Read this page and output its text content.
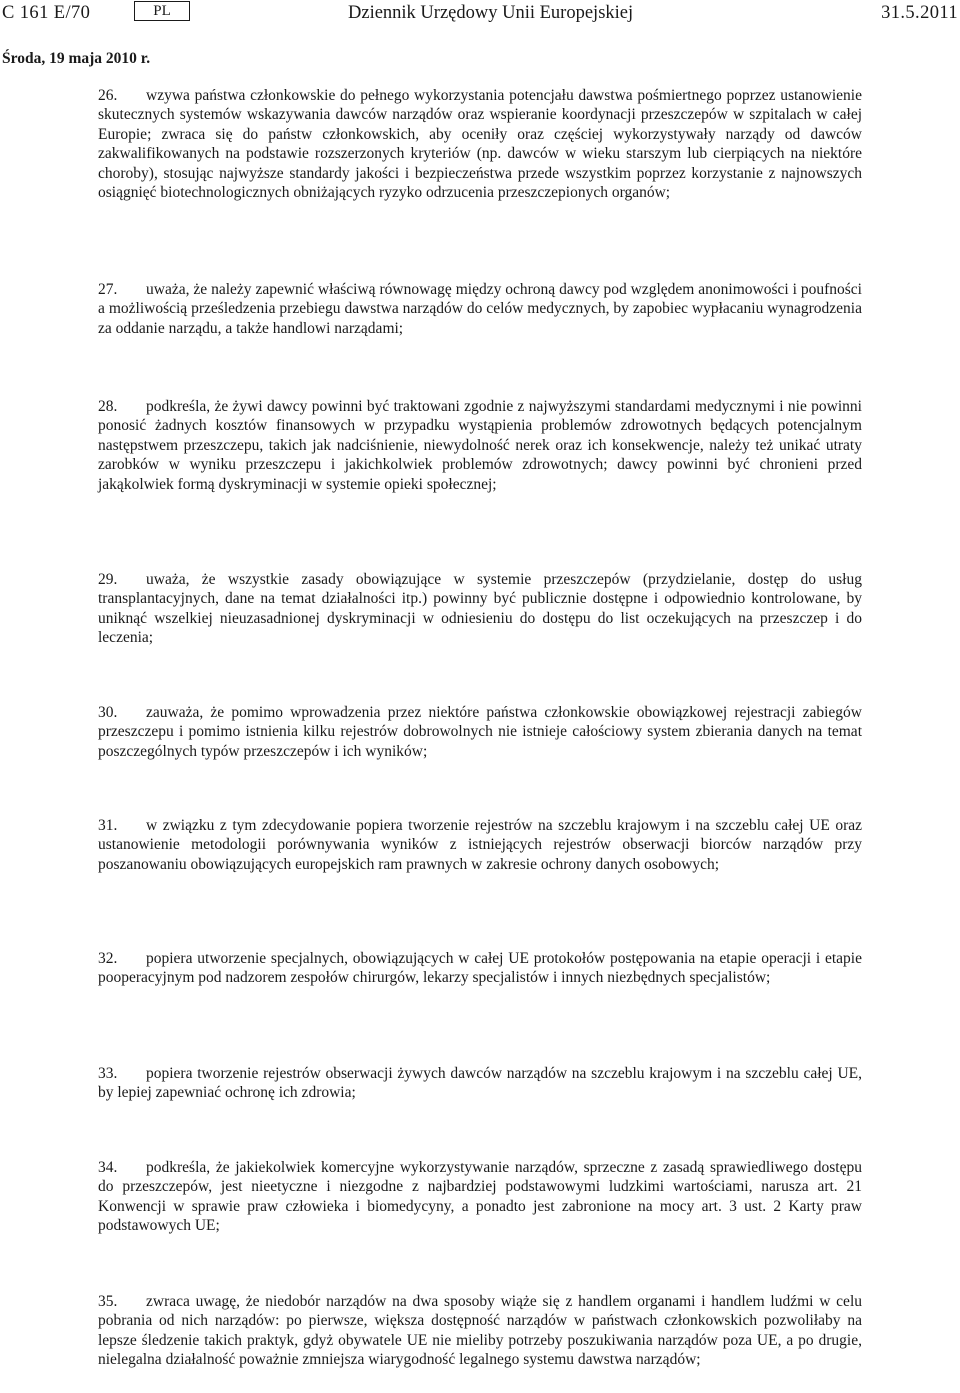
C 161 E/70	PL	Dziennik Urzędowy Unii Europejskiej	31.5.2011
Środa, 19 maja 2010 r.
26. wzywa państwa członkowskie do pełnego wykorzystania potencjału dawstwa pośmiertnego poprzez ustanowienie skutecznych systemów wskazywania dawców narządów oraz wspieranie koordynacji przeszczepów w szpitalach w całej Europie; zwraca się do państw członkowskich, aby oceniły oraz częściej wykorzystywały narządy od dawców zakwalifikowanych na podstawie rozszerzonych kryteriów (np. dawców w wieku starszym lub cierpiących na niektóre choroby), stosując najwyższe standardy jakości i bezpieczeństwa przede wszystkim poprzez korzystanie z najnowszych osiągnięć biotechnologicznych obniżających ryzyko odrzucenia przeszczepionych organów;
27. uważa, że należy zapewnić właściwą równowagę między ochroną dawcy pod względem anonimowości i poufności a możliwością prześledzenia przebiegu dawstwa narządów do celów medycznych, by zapobiec wypłacaniu wynagrodzenia za oddanie narządu, a także handlowi narządami;
28. podkreśla, że żywi dawcy powinni być traktowani zgodnie z najwyższymi standardami medycznymi i nie powinni ponosić żadnych kosztów finansowych w przypadku wystąpienia problemów zdrowotnych będących potencjalnym następstwem przeszczepu, takich jak nadciśnienie, niewydolność nerek oraz ich konsekwencje, należy też unikać utraty zarobków w wyniku przeszczepu i jakichkolwiek problemów zdrowotnych; dawcy powinni być chronieni przed jakąkolwiek formą dyskryminacji w systemie opieki społecznej;
29. uważa, że wszystkie zasady obowiązujące w systemie przeszczepów (przydzielanie, dostęp do usług transplantacyjnych, dane na temat działalności itp.) powinny być publicznie dostępne i odpowiednio kontrolowane, by uniknąć wszelkiej nieuzasadnionej dyskryminacji w odniesieniu do dostępu do list oczekujących na przeszczep i do leczenia;
30. zauważa, że pomimo wprowadzenia przez niektóre państwa członkowskie obowiązkowej rejestracji zabiegów przeszczepu i pomimo istnienia kilku rejestrów dobrowolnych nie istnieje całościowy system zbierania danych na temat poszczególnych typów przeszczepów i ich wyników;
31. w związku z tym zdecydowanie popiera tworzenie rejestrów na szczeblu krajowym i na szczeblu całej UE oraz ustanowienie metodologii porównywania wyników z istniejących rejestrów obserwacji biorców narządów przy poszanowaniu obowiązujących europejskich ram prawnych w zakresie ochrony danych osobowych;
32. popiera utworzenie specjalnych, obowiązujących w całej UE protokołów postępowania na etapie operacji i etapie pooperacyjnym pod nadzorem zespołów chirurgów, lekarzy specjalistów i innych niezbędnych specjalistów;
33. popiera tworzenie rejestrów obserwacji żywych dawców narządów na szczeblu krajowym i na szczeblu całej UE, by lepiej zapewniać ochronę ich zdrowia;
34. podkreśla, że jakiekolwiek komercyjne wykorzystywanie narządów, sprzeczne z zasadą sprawiedliwego dostępu do przeszczepów, jest nieetyczne i niezgodne z najbardziej podstawowymi ludzkimi wartościami, narusza art. 21 Konwencji w sprawie praw człowieka i biomedycyny, a ponadto jest zabronione na mocy art. 3 ust. 2 Karty praw podstawowych UE;
35. zwraca uwagę, że niedobór narządów na dwa sposoby wiąże się z handlem organami i handlem ludźmi w celu pobrania od nich narządów: po pierwsze, większa dostępność narządów w państwach członkowskich pozwoliłaby na lepsze śledzenie takich praktyk, gdyż obywatele UE nie mieliby potrzeby poszukiwania narządów poza UE, a po drugie, nielegalna działalność poważnie zmniejsza wiarygodność legalnego systemu dawstwa narządów;
